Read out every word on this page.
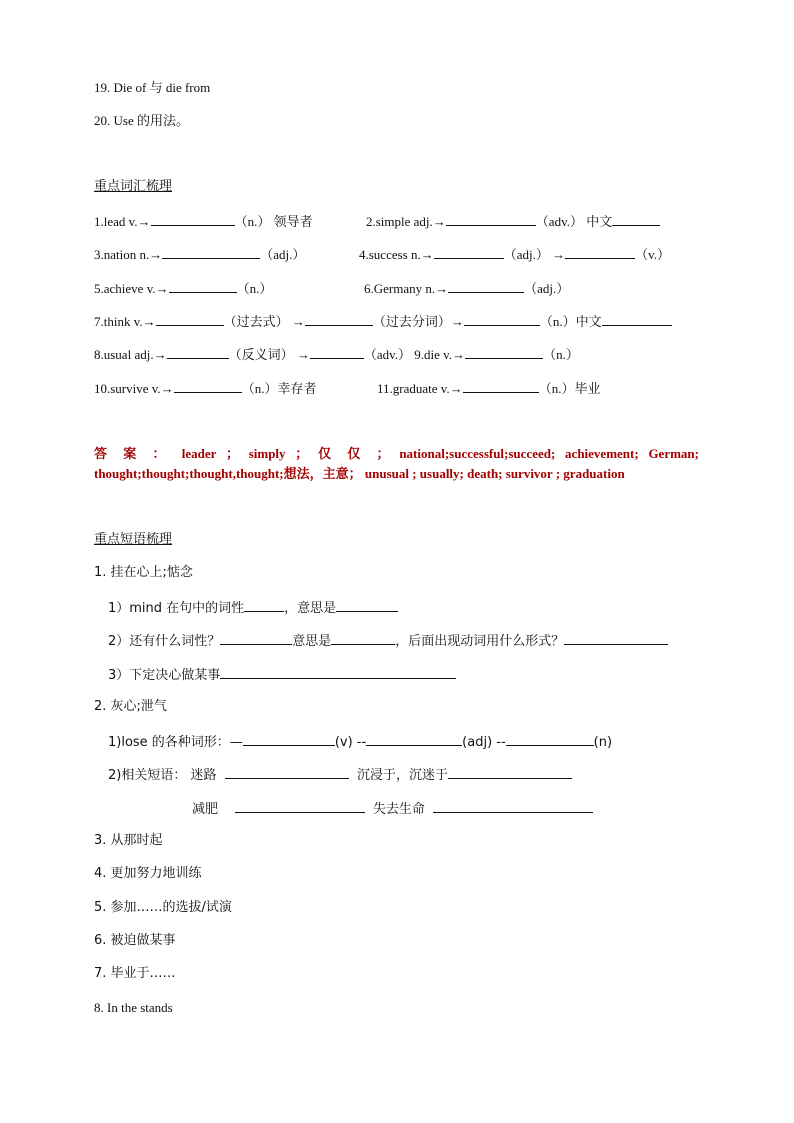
19. Die of 与 die from
20. Use 的用法。
重点词汇梳理
1.lead v.→	（n.） 领导者	2.simple adj.→	（adv.） 中文
3.nation n.→	（adj.）	4.success n.→	（adj.） →	（v.）
5.achieve v.→	（n.）	6.Germany n.→	（adj.）
7.think v.→	（过去式） →	（过去分词）→	（n.）中文
8.usual adj.→	（反义词） →	（adv.） 9.die v.→	（n.）
10.survive v.→	（n.）幸存者	11.graduate v.→	（n.）毕业
答 案 ： leader ； simply ； 仅 仅 ； national;successful;succeed; achievement; German; thought;thought;thought,thought;想法，主意； unusual ; usually; death; survivor ; graduation
重点短语梳理
1. 挂在心上;惦念
1）mind 在句中的词性	，意思是
2）还有什么词性？	意思是	，后面出现动词用什么形式？
3）下定决心做某事
2. 灰心;泄气
1)lose 的各种词形：—	(v) --	(adj) --	(n)
2)相关短语： 迷路	沉浸于，沉迷于
减肥	失去生命
3. 从那时起
4. 更加努力地训练
5. 参加……的选拔/试演
6. 被迫做某事
7. 毕业于……
8. In the stands
